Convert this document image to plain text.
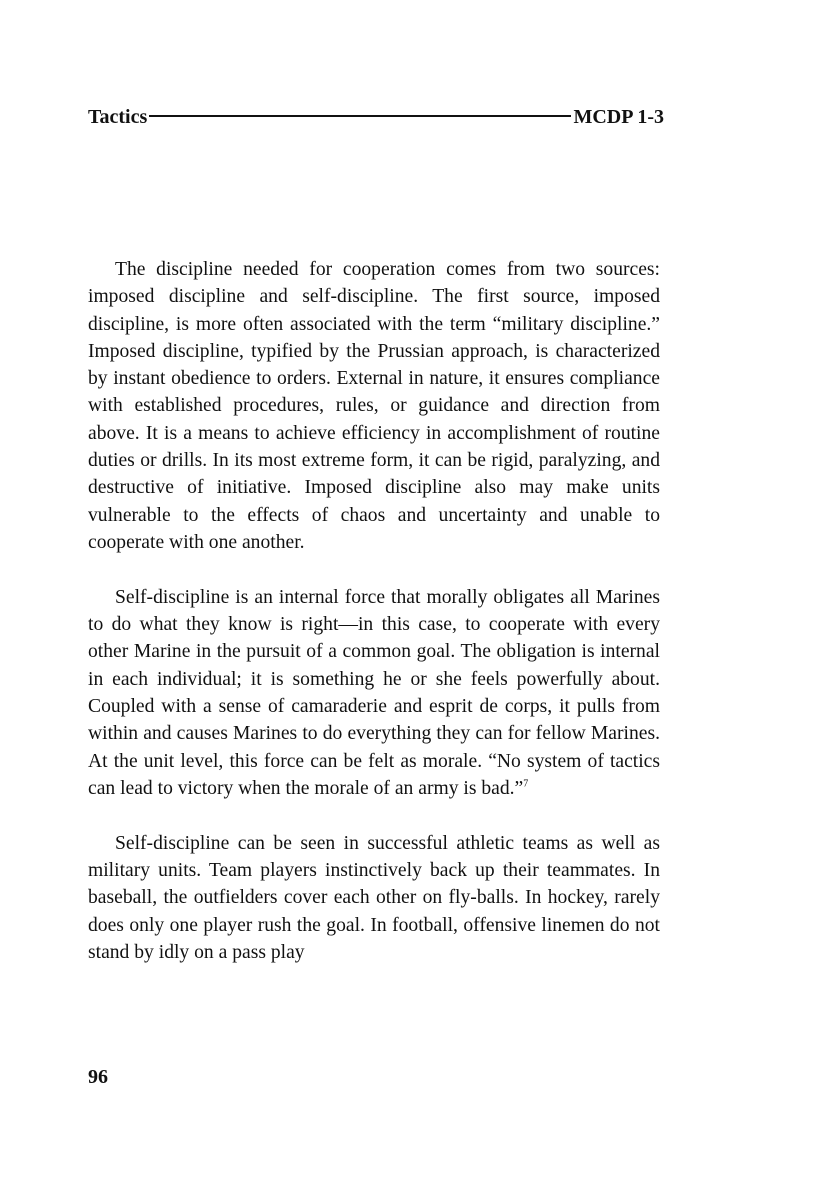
Tactics	MCDP 1-3

The discipline needed for cooperation comes from two sources: imposed discipline and self-discipline. The first source, imposed discipline, is more often associated with the term “military discipline.” Imposed discipline, typified by the Prussian approach, is characterized by instant obedience to orders. External in nature, it ensures compliance with established procedures, rules, or guidance and direction from above. It is a means to achieve efficiency in accomplishment of routine duties or drills. In its most extreme form, it can be rigid, paralyzing, and destructive of initiative. Imposed discipline also may make units vulnerable to the effects of chaos and uncertainty and unable to cooperate with one another.

Self-discipline is an internal force that morally obligates all Marines to do what they know is right—in this case, to cooperate with every other Marine in the pursuit of a common goal. The obligation is internal in each individual; it is something he or she feels powerfully about. Coupled with a sense of camaraderie and esprit de corps, it pulls from within and causes Marines to do everything they can for fellow Marines. At the unit level, this force can be felt as morale. “No system of tactics can lead to victory when the morale of an army is bad.”$^7$

Self-discipline can be seen in successful athletic teams as well as military units. Team players instinctively back up their teammates. In baseball, the outfielders cover each other on fly-balls. In hockey, rarely does only one player rush the goal. In football, offensive linemen do not stand by idly on a pass play

96
